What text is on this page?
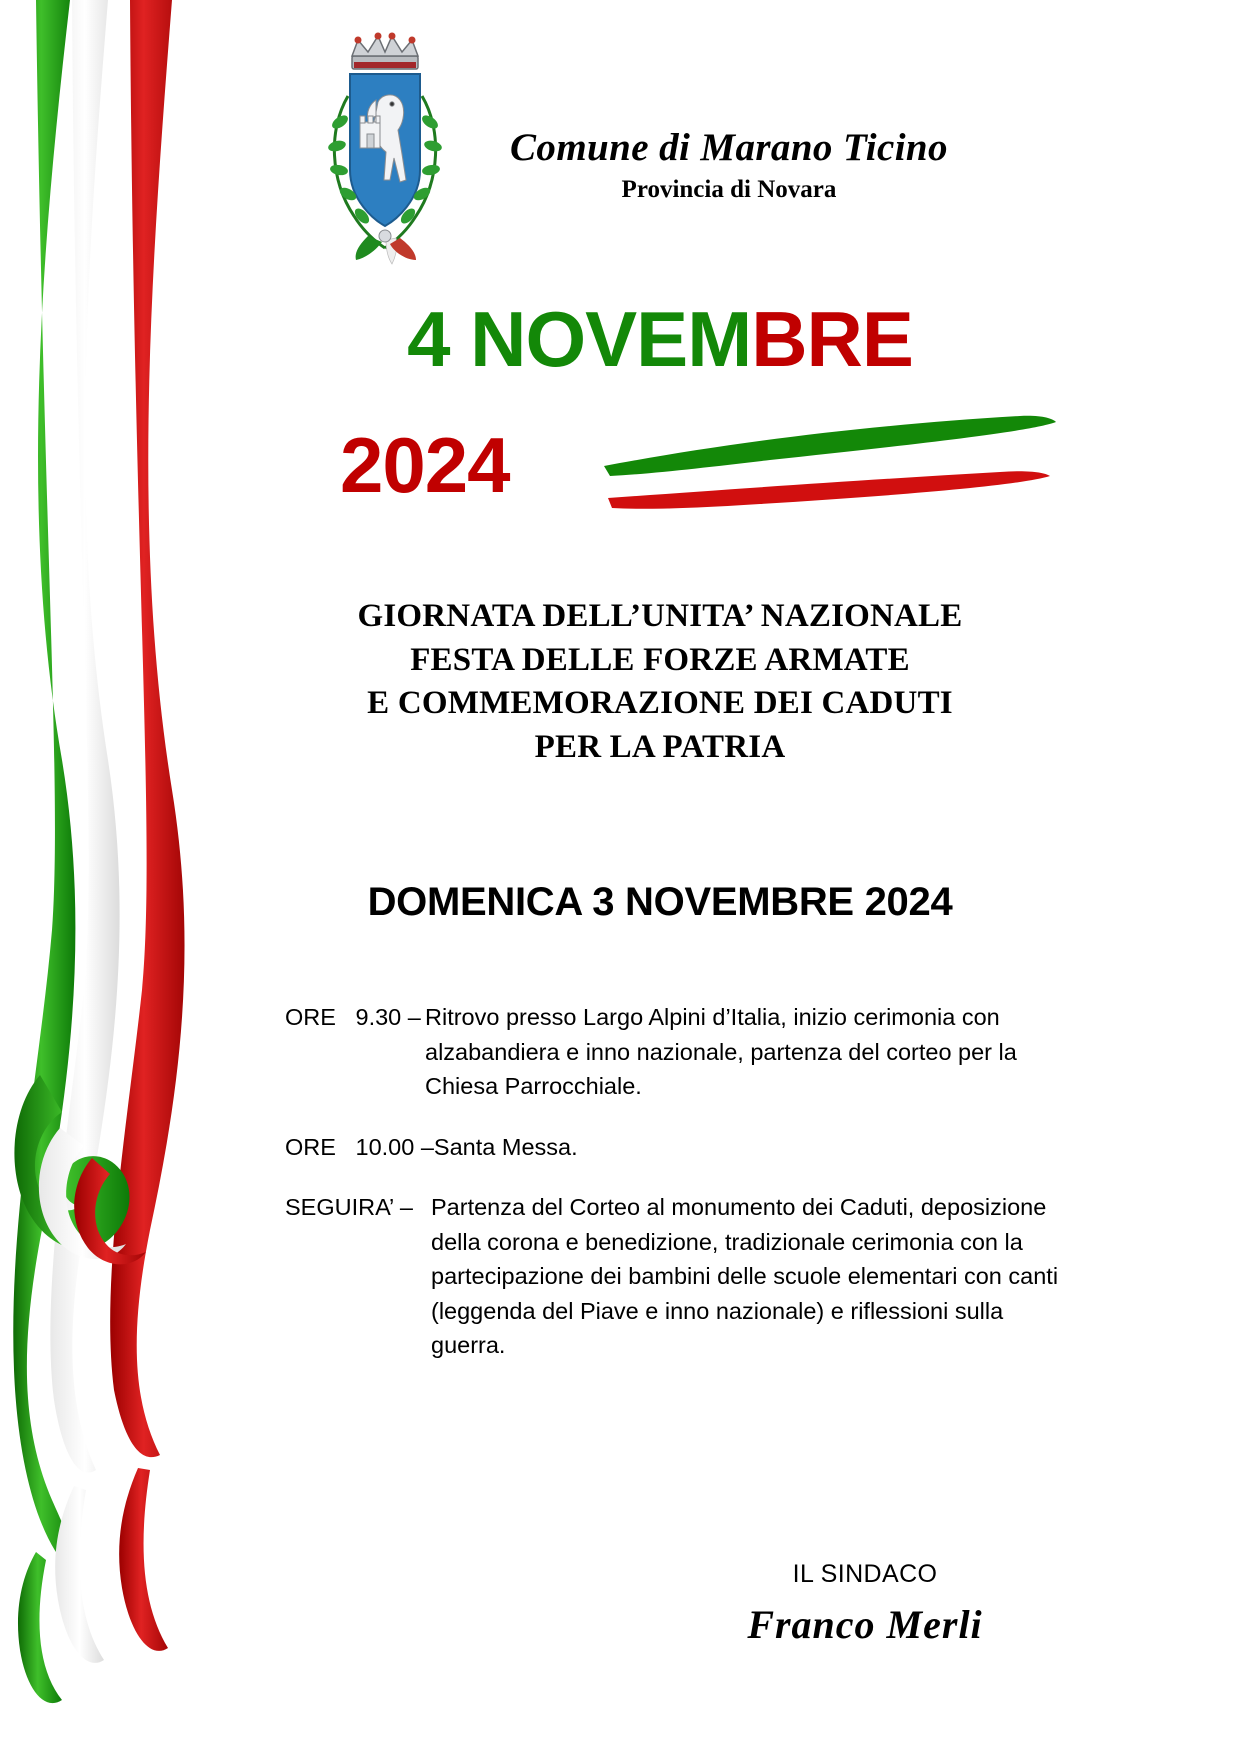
Comune di Marano Ticino
Provincia di Novara
4 NOVEMBRE
2024
GIORNATA DELL’UNITA’ NAZIONALE
FESTA DELLE FORZE ARMATE
E COMMEMORAZIONE DEI CADUTI
PER LA PATRIA
DOMENICA 3 NOVEMBRE 2024
ORE   9.30 – Ritrovo presso Largo Alpini d’Italia, inizio cerimonia con alzabandiera e inno nazionale, partenza del corteo per la Chiesa Parrocchiale.
ORE   10.00 – Santa Messa.
SEGUIRA’ – Partenza del Corteo al monumento dei Caduti, deposizione della corona e benedizione, tradizionale cerimonia con la partecipazione dei bambini delle scuole elementari con canti (leggenda del Piave e inno nazionale) e riflessioni sulla guerra.
IL SINDACO
Franco Merli
